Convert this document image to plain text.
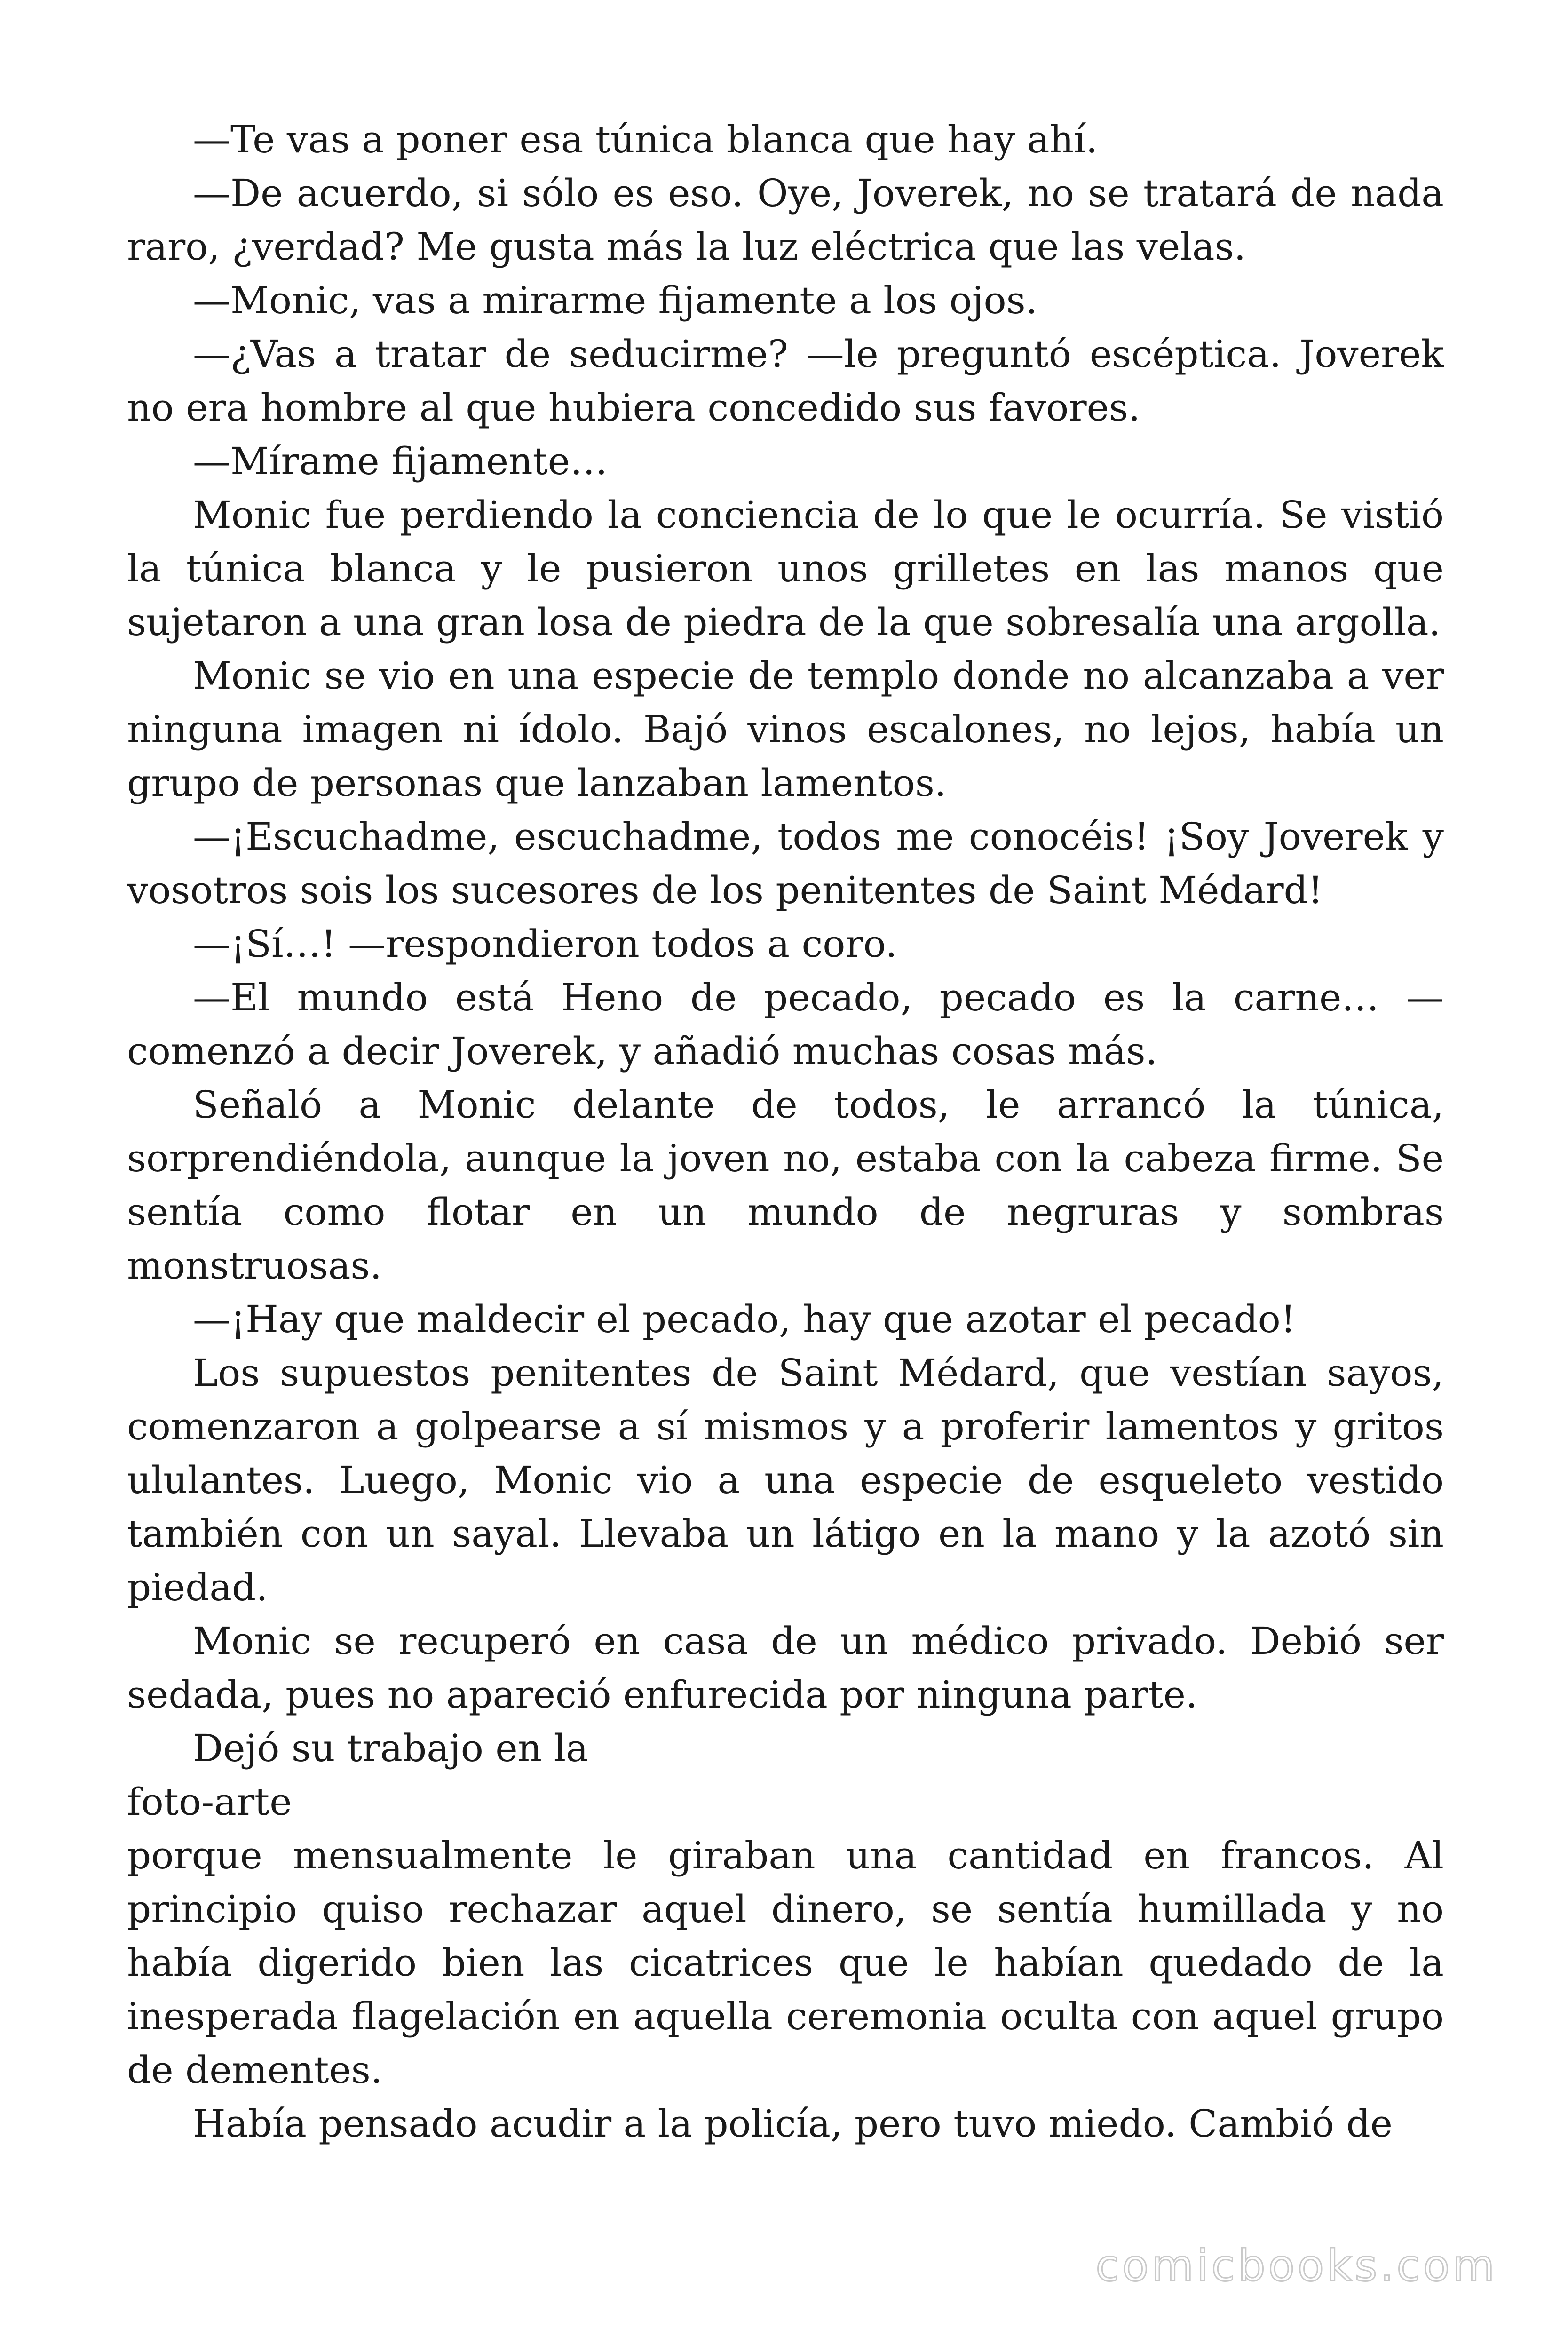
—Te vas a poner esa túnica blanca que hay ahí.

—De acuerdo, si sólo es eso. Oye, Joverek, no se tratará de nada raro, ¿verdad? Me gusta más la luz eléctrica que las velas.

—Monic, vas a mirarme fijamente a los ojos.

—¿Vas a tratar de seducirme? —le preguntó escéptica. Joverek no era hombre al que hubiera concedido sus favores.

—Mírame fijamente…

Monic fue perdiendo la conciencia de lo que le ocurría. Se vistió la túnica blanca y le pusieron unos grilletes en las manos que sujetaron a una gran losa de piedra de la que sobresalía una argolla.

Monic se vio en una especie de templo donde no alcanzaba a ver ninguna imagen ni ídolo. Bajó vinos escalones, no lejos, había un grupo de personas que lanzaban lamentos.

—¡Escuchadme, escuchadme, todos me conocéis! ¡Soy Joverek y vosotros sois los sucesores de los penitentes de Saint Médard!

—¡Sí…! —respondieron todos a coro.

—El mundo está Heno de pecado, pecado es la carne… —comenzó a decir Joverek, y añadió muchas cosas más.

Señaló a Monic delante de todos, le arrancó la túnica, sorprendiéndola, aunque la joven no, estaba con la cabeza firme. Se sentía como flotar en un mundo de negruras y sombras monstruosas.

—¡Hay que maldecir el pecado, hay que azotar el pecado!

Los supuestos penitentes de Saint Médard, que vestían sayos, comenzaron a golpearse a sí mismos y a proferir lamentos y gritos ululantes. Luego, Monic vio a una especie de esqueleto vestido también con un sayal. Llevaba un látigo en la mano y la azotó sin piedad.

Monic se recuperó en casa de un médico privado. Debió ser sedada, pues no apareció enfurecida por ninguna parte.

Dejó su trabajo en la

foto-arte

porque mensualmente le giraban una cantidad en francos. Al principio quiso rechazar aquel dinero, se sentía humillada y no había digerido bien las cicatrices que le habían quedado de la inesperada flagelación en aquella ceremonia oculta con aquel grupo de dementes.

Había pensado acudir a la policía, pero tuvo miedo. Cambió de

comicbooks.com
